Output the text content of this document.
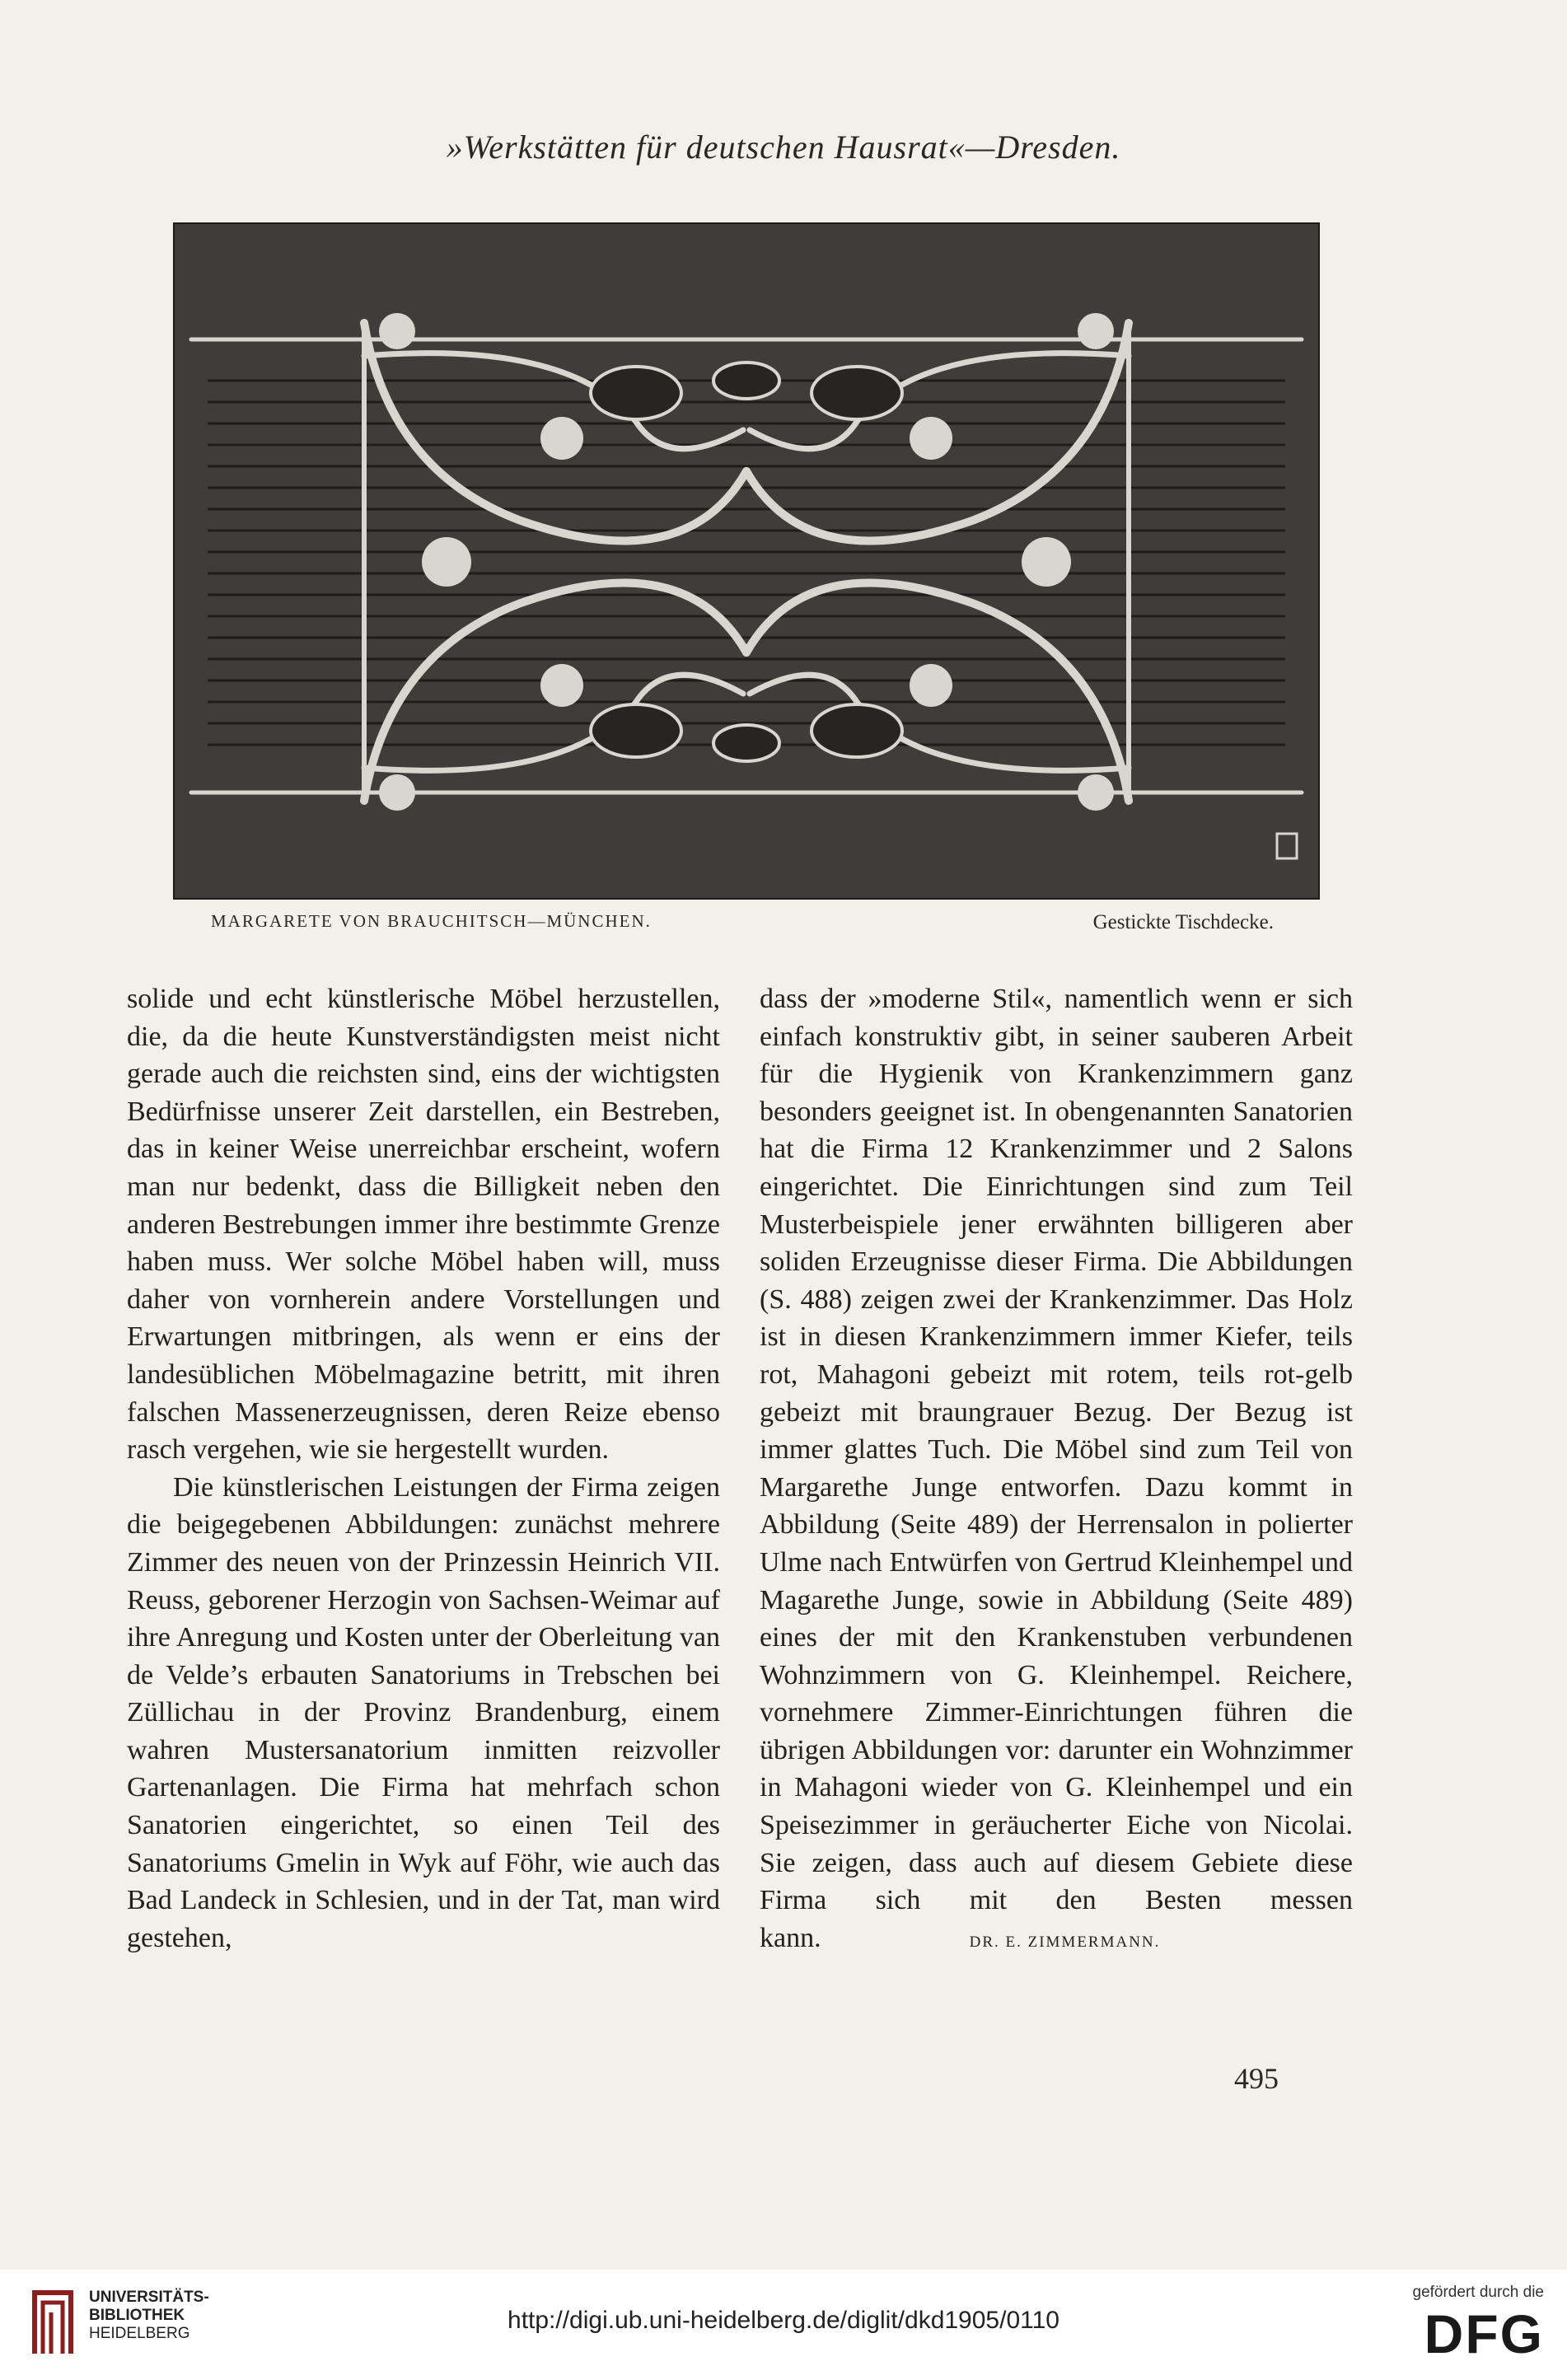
»Werkstätten für deutschen Hausrat«—Dresden.
MARGARETE VON BRAUCHITSCH—MÜNCHEN.	Gestickte Tischdecke.

solide und echt künstlerische Möbel herzustellen, die, da die heute Kunstverständigsten meist nicht gerade auch die reichsten sind, eins der wichtigsten Bedürfnisse unserer Zeit darstellen, ein Bestreben, das in keiner Weise unerreichbar erscheint, wofern man nur bedenkt, dass die Billigkeit neben den anderen Bestrebungen immer ihre bestimmte Grenze haben muss. Wer solche Möbel haben will, muss daher von vornherein andere Vorstellungen und Erwartungen mitbringen, als wenn er eins der landesüblichen Möbelmagazine betritt, mit ihren falschen Massenerzeugnissen, deren Reize ebenso rasch vergehen, wie sie hergestellt wurden.

Die künstlerischen Leistungen der Firma zeigen die beigegebenen Abbildungen: zunächst mehrere Zimmer des neuen von der Prinzessin Heinrich VII. Reuss, geborener Herzogin von Sachsen-Weimar auf ihre Anregung und Kosten unter der Oberleitung van de Velde’s erbauten Sanatoriums in Trebschen bei Züllichau in der Provinz Brandenburg, einem wahren Mustersanatorium inmitten reizvoller Gartenanlagen. Die Firma hat mehrfach schon Sanatorien eingerichtet, so einen Teil des Sanatoriums Gmelin in Wyk auf Föhr, wie auch das Bad Landeck in Schlesien, und in der Tat, man wird gestehen,

dass der »moderne Stil«, namentlich wenn er sich einfach konstruktiv gibt, in seiner sauberen Arbeit für die Hygienik von Krankenzimmern ganz besonders geeignet ist. In obengenannten Sanatorien hat die Firma 12 Krankenzimmer und 2 Salons eingerichtet. Die Einrichtungen sind zum Teil Musterbeispiele jener erwähnten billigeren aber soliden Erzeugnisse dieser Firma. Die Abbildungen (S. 488) zeigen zwei der Krankenzimmer. Das Holz ist in diesen Krankenzimmern immer Kiefer, teils rot, Mahagoni gebeizt mit rotem, teils rot-gelb gebeizt mit braungrauer Bezug. Der Bezug ist immer glattes Tuch. Die Möbel sind zum Teil von Margarethe Junge entworfen. Dazu kommt in Abbildung (Seite 489) der Herrensalon in polierter Ulme nach Entwürfen von Gertrud Kleinhempel und Magarethe Junge, sowie in Abbildung (Seite 489) eines der mit den Krankenstuben verbundenen Wohnzimmern von G. Kleinhempel. Reichere, vornehmere Zimmer-Einrichtungen führen die übrigen Abbildungen vor: darunter ein Wohnzimmer in Mahagoni wieder von G. Kleinhempel und ein Speisezimmer in geräucherter Eiche von Nicolai. Sie zeigen, dass auch auf diesem Gebiete diese Firma sich mit den Besten messen kann.	DR. E. ZIMMERMANN.

495
UNIVERSITÄTS-
BIBLIOTHEK
HEIDELBERG	http://digi.ub.uni-heidelberg.de/diglit/dkd1905/0110
gefördert durch die
DFG
